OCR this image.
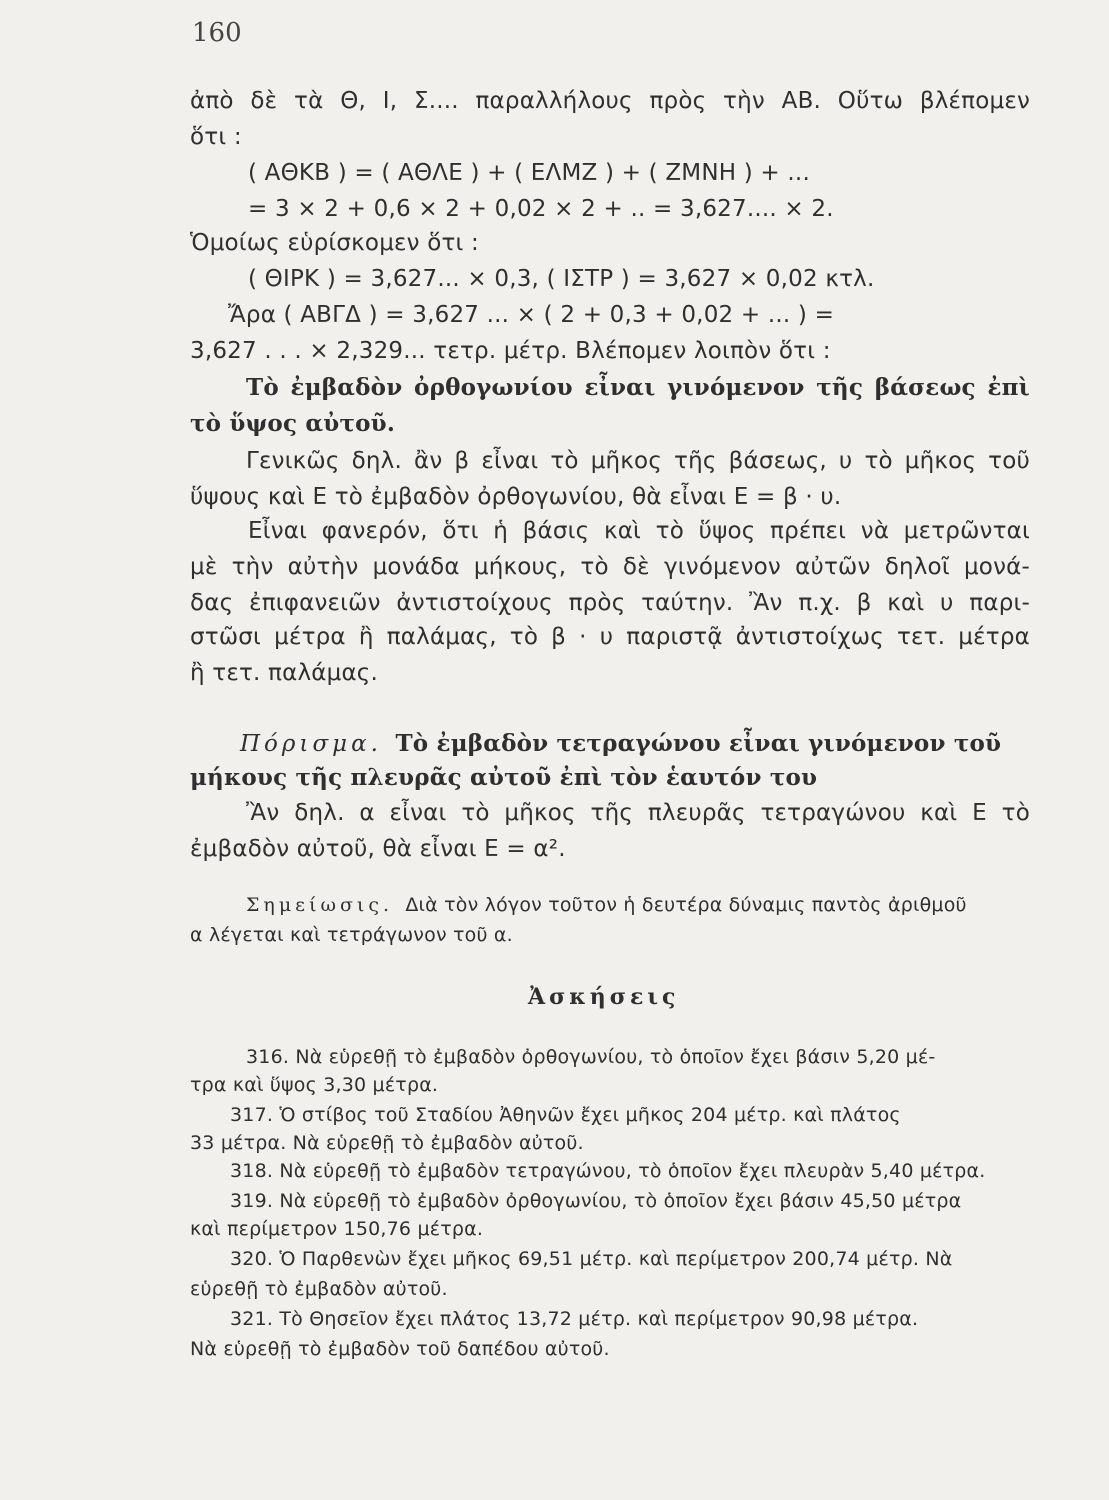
160
ἀπὸ δὲ τὰ Θ, Ι, Σ.... παραλλήλους πρὸς τὴν ΑΒ. Οὕτω βλέπομεν
ὅτι :
( ΑΘΚΒ ) = ( ΑΘΛΕ ) + ( ΕΛΜΖ ) + ( ΖΜΝΗ ) + ...
= 3 × 2 + 0,6 × 2 + 0,02 × 2 + .. = 3,627.... × 2.
Ὁμοίως εὑρίσκομεν ὅτι :
( ΘΙΡΚ ) = 3,627... × 0,3, ( ΙΣΤΡ ) = 3,627 × 0,02 κτλ.
Ἄρα ( ΑΒΓΔ ) = 3,627 ... × ( 2 + 0,3 + 0,02 + ... ) =
3,627 . . . × 2,329... τετρ. μέτρ. Βλέπομεν λοιπὸν ὅτι :
Τὸ ἐμβαδὸν ὀρθογωνίου εἶναι γινόμενον τῆς βάσεως ἐπὶ
τὸ ὕψος αὐτοῦ.
Γενικῶς δηλ. ἂν β εἶναι τὸ μῆκος τῆς βάσεως, υ τὸ μῆκος τοῦ
ὕψους καὶ Ε τὸ ἐμβαδὸν ὀρθογωνίου, θὰ εἶναι Ε = β · υ.
Εἶναι φανερόν, ὅτι ἡ βάσις καὶ τὸ ὕψος πρέπει νὰ μετρῶνται
μὲ τὴν αὐτὴν μονάδα μήκους, τὸ δὲ γινόμενον αὐτῶν δηλοῖ μονά-
δας ἐπιφανειῶν ἀντιστοίχους πρὸς ταύτην. Ἂν π.χ. β καὶ υ παρι-
στῶσι μέτρα ἢ παλάμας, τὸ β · υ παριστᾷ ἀντιστοίχως τετ. μέτρα
ἢ τετ. παλάμας.
Πόρισμα. Τὸ ἐμβαδὸν τετραγώνου εἶναι γινόμενον τοῦ
μήκους τῆς πλευρᾶς αὐτοῦ ἐπὶ τὸν ἑαυτόν του
Ἂν δηλ. α εἶναι τὸ μῆκος τῆς πλευρᾶς τετραγώνου καὶ Ε τὸ
ἐμβαδὸν αὐτοῦ, θὰ εἶναι Ε = α².
Σημείωσις. Διὰ τὸν λόγον τοῦτον ἡ δευτέρα δύναμις παντὸς ἀριθμοῦ
α λέγεται καὶ τετράγωνον τοῦ α.
Ἀσκήσεις
316. Νὰ εὑρεθῇ τὸ ἐμβαδὸν ὀρθογωνίου, τὸ ὁποῖον ἔχει βάσιν 5,20 μέ-
τρα καὶ ὕψος 3,30 μέτρα.
317. Ὁ στίβος τοῦ Σταδίου Ἀθηνῶν ἔχει μῆκος 204 μέτρ. καὶ πλάτος
33 μέτρα. Νὰ εὑρεθῇ τὸ ἐμβαδὸν αὐτοῦ.
318. Νὰ εὑρεθῇ τὸ ἐμβαδὸν τετραγώνου, τὸ ὁποῖον ἔχει πλευρὰν 5,40 μέτρα.
319. Νὰ εὑρεθῇ τὸ ἐμβαδὸν ὀρθογωνίου, τὸ ὁποῖον ἔχει βάσιν 45,50 μέτρα
καὶ περίμετρον 150,76 μέτρα.
320. Ὁ Παρθενὼν ἔχει μῆκος 69,51 μέτρ. καὶ περίμετρον 200,74 μέτρ. Νὰ
εὑρεθῇ τὸ ἐμβαδὸν αὐτοῦ.
321. Τὸ Θησεῖον ἔχει πλάτος 13,72 μέτρ. καὶ περίμετρον 90,98 μέτρα.
Νὰ εὑρεθῇ τὸ ἐμβαδὸν τοῦ δαπέδου αὐτοῦ.
